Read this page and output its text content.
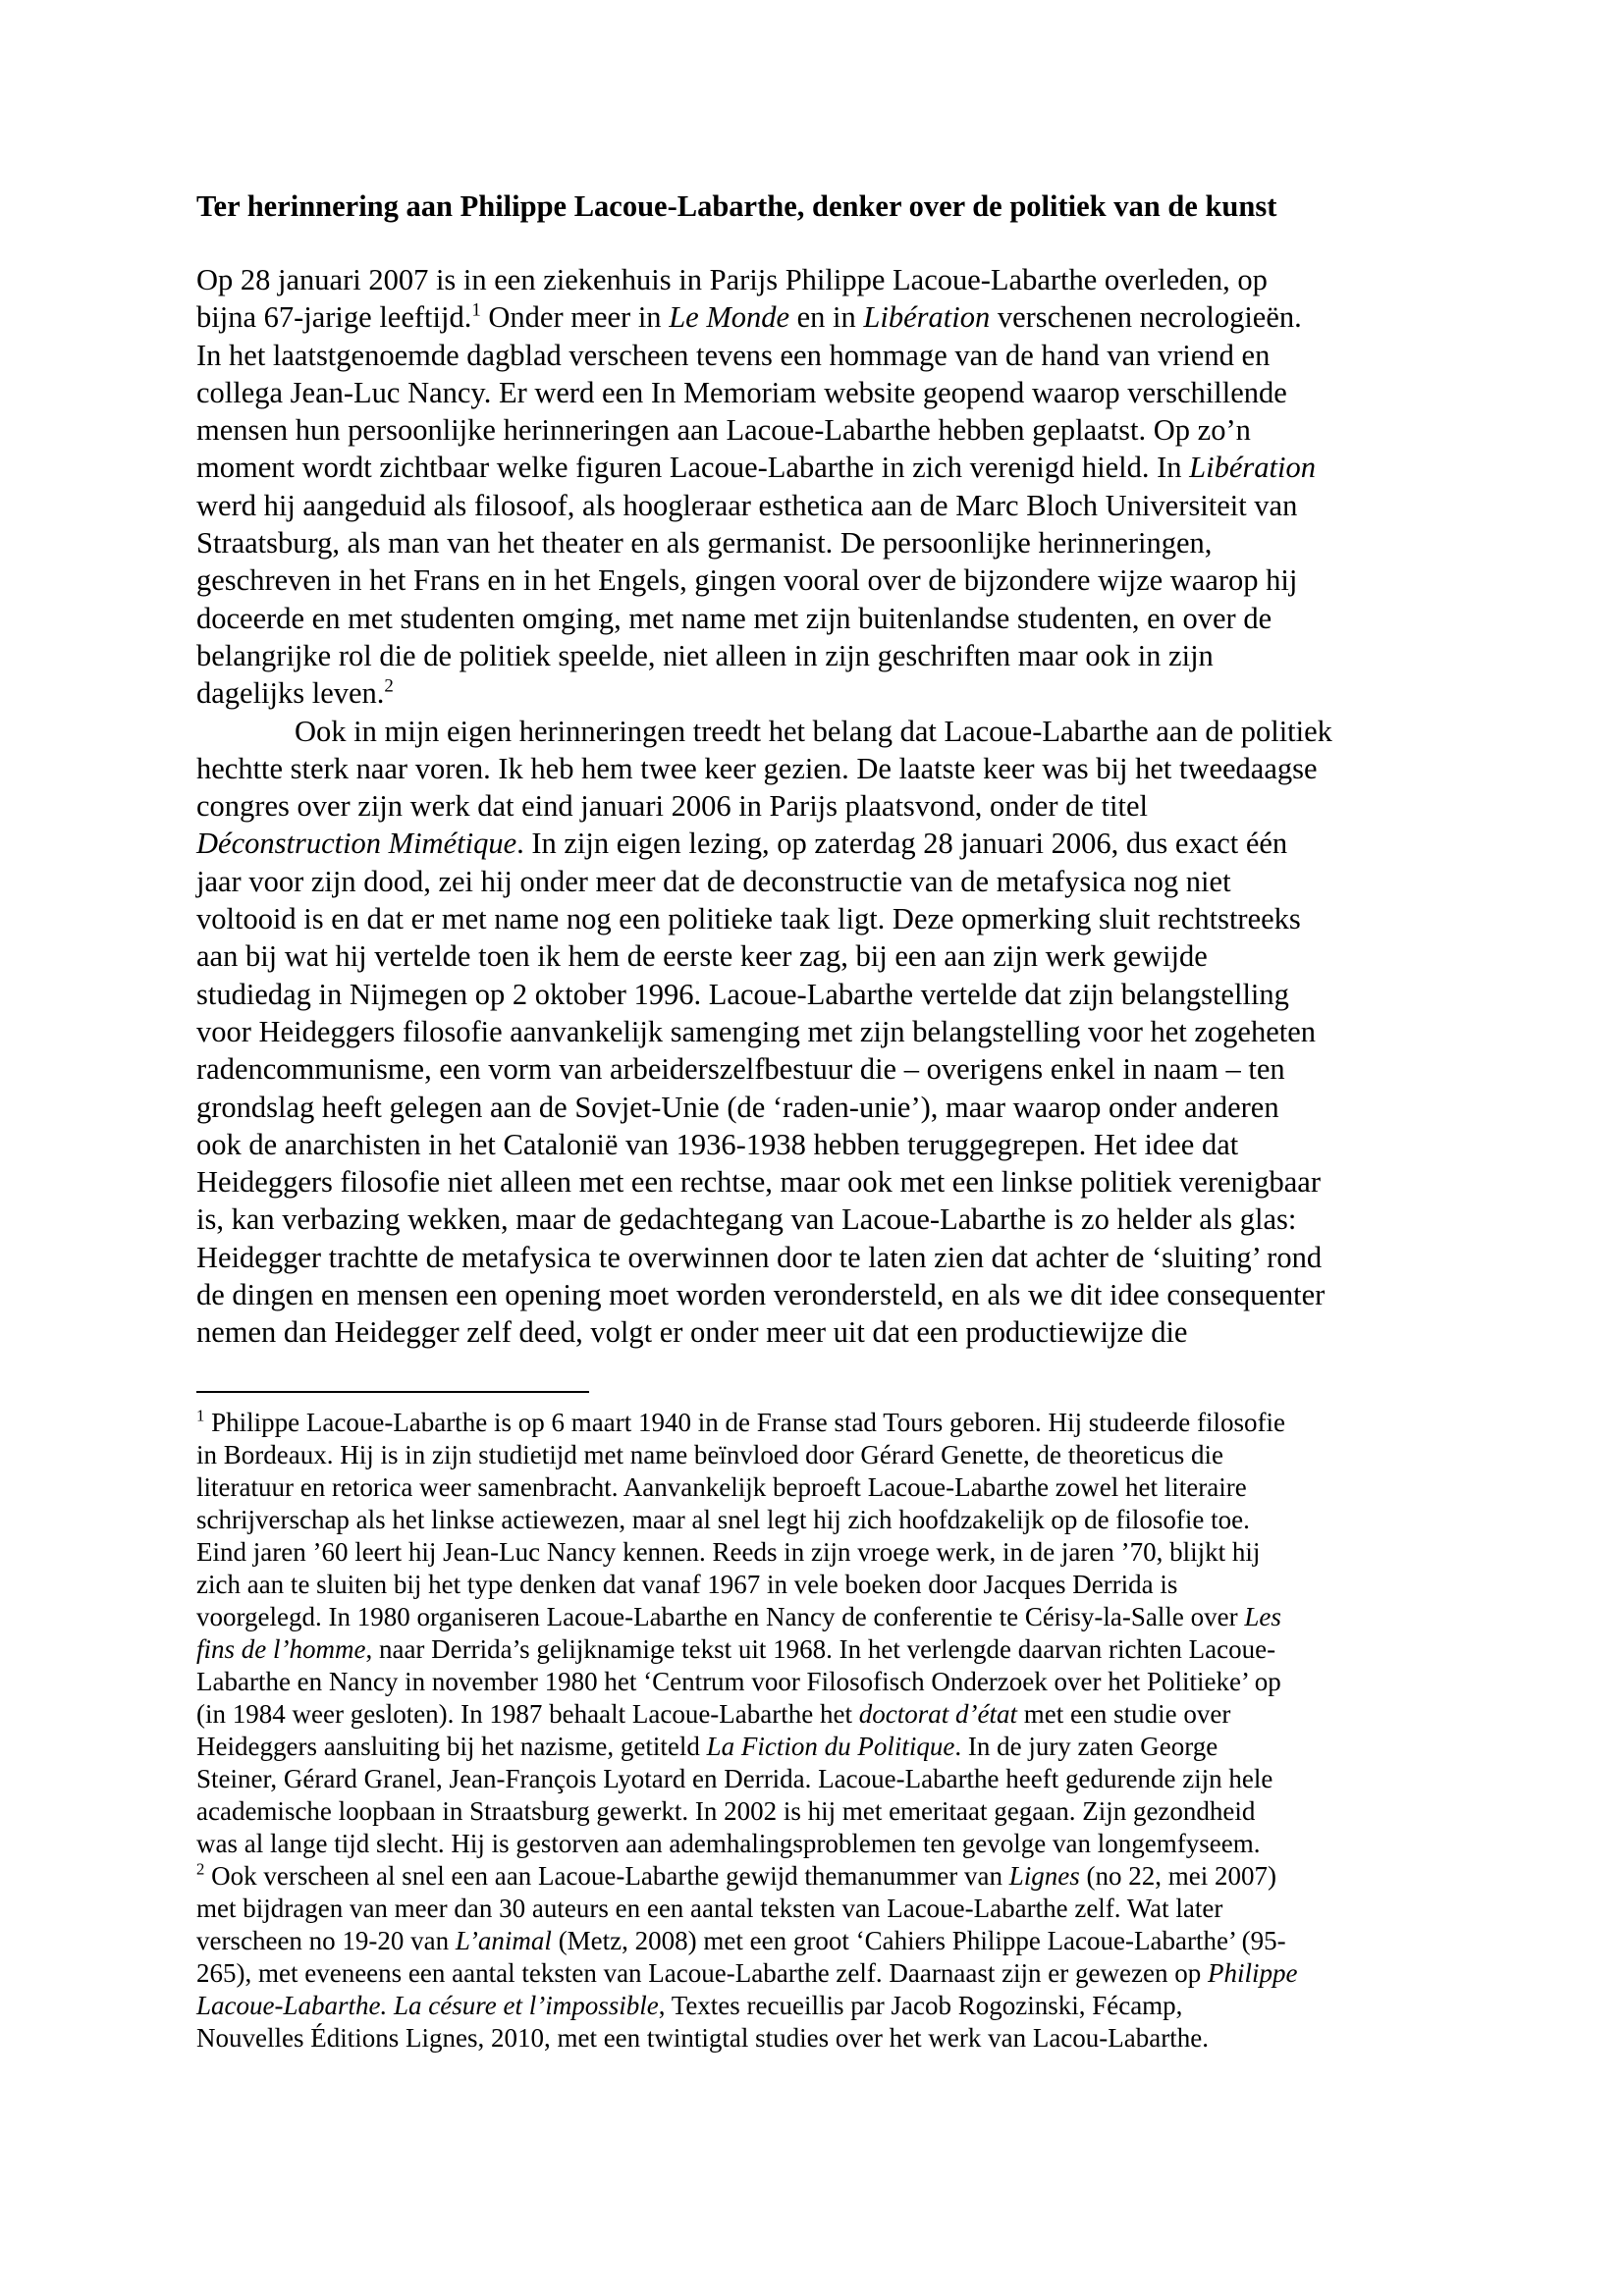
Ter herinnering aan Philippe Lacoue-Labarthe, denker over de politiek van de kunst
Op 28 januari 2007 is in een ziekenhuis in Parijs Philippe Lacoue-Labarthe overleden, op
bijna 67-jarige leeftijd.$^1$ Onder meer in Le Monde en in Libération verschenen necrologieën.
In het laatstgenoemde dagblad verscheen tevens een hommage van de hand van vriend en
collega Jean-Luc Nancy. Er werd een In Memoriam website geopend waarop verschillende
mensen hun persoonlijke herinneringen aan Lacoue-Labarthe hebben geplaatst. Op zo’n
moment wordt zichtbaar welke figuren Lacoue-Labarthe in zich verenigd hield. In Libération
werd hij aangeduid als filosoof, als hoogleraar esthetica aan de Marc Bloch Universiteit van
Straatsburg, als man van het theater en als germanist. De persoonlijke herinneringen,
geschreven in het Frans en in het Engels, gingen vooral over de bijzondere wijze waarop hij
doceerde en met studenten omging, met name met zijn buitenlandse studenten, en over de
belangrijke rol die de politiek speelde, niet alleen in zijn geschriften maar ook in zijn
dagelijks leven.$^2$
Ook in mijn eigen herinneringen treedt het belang dat Lacoue-Labarthe aan de politiek
hechtte sterk naar voren. Ik heb hem twee keer gezien. De laatste keer was bij het tweedaagse
congres over zijn werk dat eind januari 2006 in Parijs plaatsvond, onder de titel
Déconstruction Mimétique. In zijn eigen lezing, op zaterdag 28 januari 2006, dus exact één
jaar voor zijn dood, zei hij onder meer dat de deconstructie van de metafysica nog niet
voltooid is en dat er met name nog een politieke taak ligt. Deze opmerking sluit rechtstreeks
aan bij wat hij vertelde toen ik hem de eerste keer zag, bij een aan zijn werk gewijde
studiedag in Nijmegen op 2 oktober 1996. Lacoue-Labarthe vertelde dat zijn belangstelling
voor Heideggers filosofie aanvankelijk samenging met zijn belangstelling voor het zogeheten
radencommunisme, een vorm van arbeiderszelfbestuur die – overigens enkel in naam – ten
grondslag heeft gelegen aan de Sovjet-Unie (de ‘raden-unie’), maar waarop onder anderen
ook de anarchisten in het Catalonië van 1936-1938 hebben teruggegrepen. Het idee dat
Heideggers filosofie niet alleen met een rechtse, maar ook met een linkse politiek verenigbaar
is, kan verbazing wekken, maar de gedachtegang van Lacoue-Labarthe is zo helder als glas:
Heidegger trachtte de metafysica te overwinnen door te laten zien dat achter de ‘sluiting’ rond
de dingen en mensen een opening moet worden verondersteld, en als we dit idee consequenter
nemen dan Heidegger zelf deed, volgt er onder meer uit dat een productiewijze die
$^1$ Philippe Lacoue-Labarthe is op 6 maart 1940 in de Franse stad Tours geboren. Hij studeerde filosofie
in Bordeaux. Hij is in zijn studietijd met name beïnvloed door Gérard Genette, de theoreticus die
literatuur en retorica weer samenbracht. Aanvankelijk beproeft Lacoue-Labarthe zowel het literaire
schrijverschap als het linkse actiewezen, maar al snel legt hij zich hoofdzakelijk op de filosofie toe.
Eind jaren ’60 leert hij Jean-Luc Nancy kennen. Reeds in zijn vroege werk, in de jaren ’70, blijkt hij
zich aan te sluiten bij het type denken dat vanaf 1967 in vele boeken door Jacques Derrida is
voorgelegd. In 1980 organiseren Lacoue-Labarthe en Nancy de conferentie te Cérisy-la-Salle over Les
fins de l’homme, naar Derrida’s gelijknamige tekst uit 1968. In het verlengde daarvan richten Lacoue-
Labarthe en Nancy in november 1980 het ‘Centrum voor Filosofisch Onderzoek over het Politieke’ op
(in 1984 weer gesloten). In 1987 behaalt Lacoue-Labarthe het doctorat d’état met een studie over
Heideggers aansluiting bij het nazisme, getiteld La Fiction du Politique. In de jury zaten George
Steiner, Gérard Granel, Jean-François Lyotard en Derrida. Lacoue-Labarthe heeft gedurende zijn hele
academische loopbaan in Straatsburg gewerkt. In 2002 is hij met emeritaat gegaan. Zijn gezondheid
was al lange tijd slecht. Hij is gestorven aan ademhalingsproblemen ten gevolge van longemfyseem.
$^2$ Ook verscheen al snel een aan Lacoue-Labarthe gewijd themanummer van Lignes (no 22, mei 2007)
met bijdragen van meer dan 30 auteurs en een aantal teksten van Lacoue-Labarthe zelf. Wat later
verscheen no 19-20 van L’animal (Metz, 2008) met een groot ‘Cahiers Philippe Lacoue-Labarthe’ (95-
265), met eveneens een aantal teksten van Lacoue-Labarthe zelf. Daarnaast zijn er gewezen op Philippe
Lacoue-Labarthe. La césure et l’impossible, Textes recueillis par Jacob Rogozinski, Fécamp,
Nouvelles Éditions Lignes, 2010, met een twintigtal studies over het werk van Lacou-Labarthe.
